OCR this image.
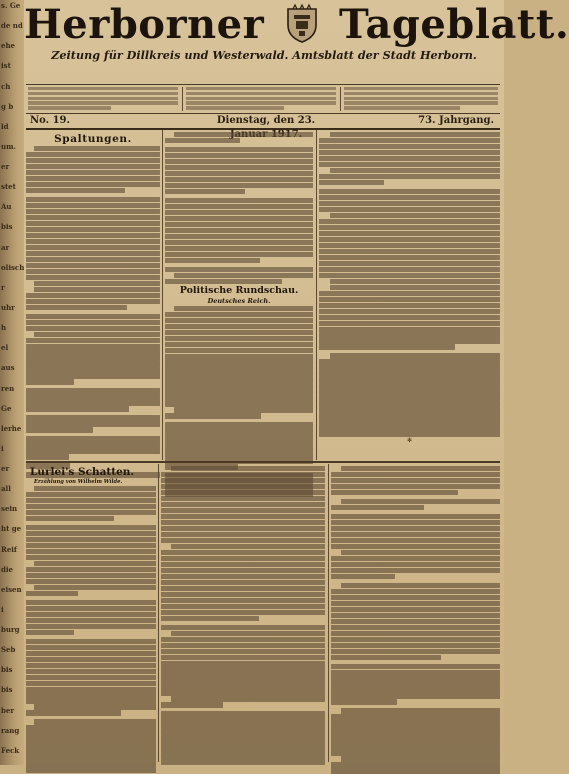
s. Ge
de nd
ehe
ist
ch
g b
ld
um.
er
stet
Au
bis
ar
olisch
r
uhr
h
el
aus
ren
Ge
lerhe
i
er
all
sein
ht ge
Reif
die
eisen
i
burg
Seb
bis
bis
ber
rang
Feck
Herborner Tageblatt.
Zeitung für Dillkreis und Westerwald. Amtsblatt der Stadt Herborn.
No. 19.	Dienstag, den 23.	73. Jahrgang.
Spaltungen.
Politische Rundschau.
Deutsches Reich.
✻
Lurlei's Schatten.
Erzählung von Wilhelm Wilde.
